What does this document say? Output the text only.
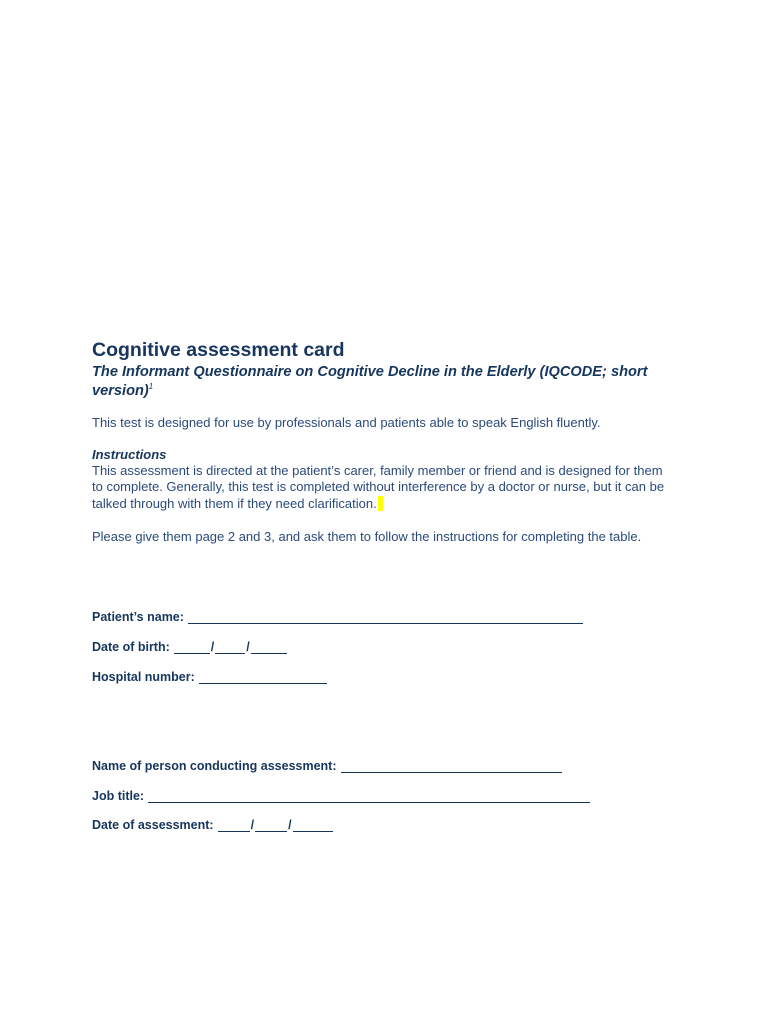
Cognitive assessment card

The Informant Questionnaire on Cognitive Decline in the Elderly (IQCODE; short version)$^1$

This test is designed for use by professionals and patients able to speak English fluently.

Instructions

This assessment is directed at the patient’s carer, family member or friend and is designed for them to complete. Generally, this test is completed without interference by a doctor or nurse, but it can be talked through with them if they need clarification.

Please give them page 2 and 3, and ask them to follow the instructions for completing the table.

Patient’s name:
Date of birth:	/	/
Hospital number:
Name of person conducting assessment:
Job title:
Date of assessment:	/	/
